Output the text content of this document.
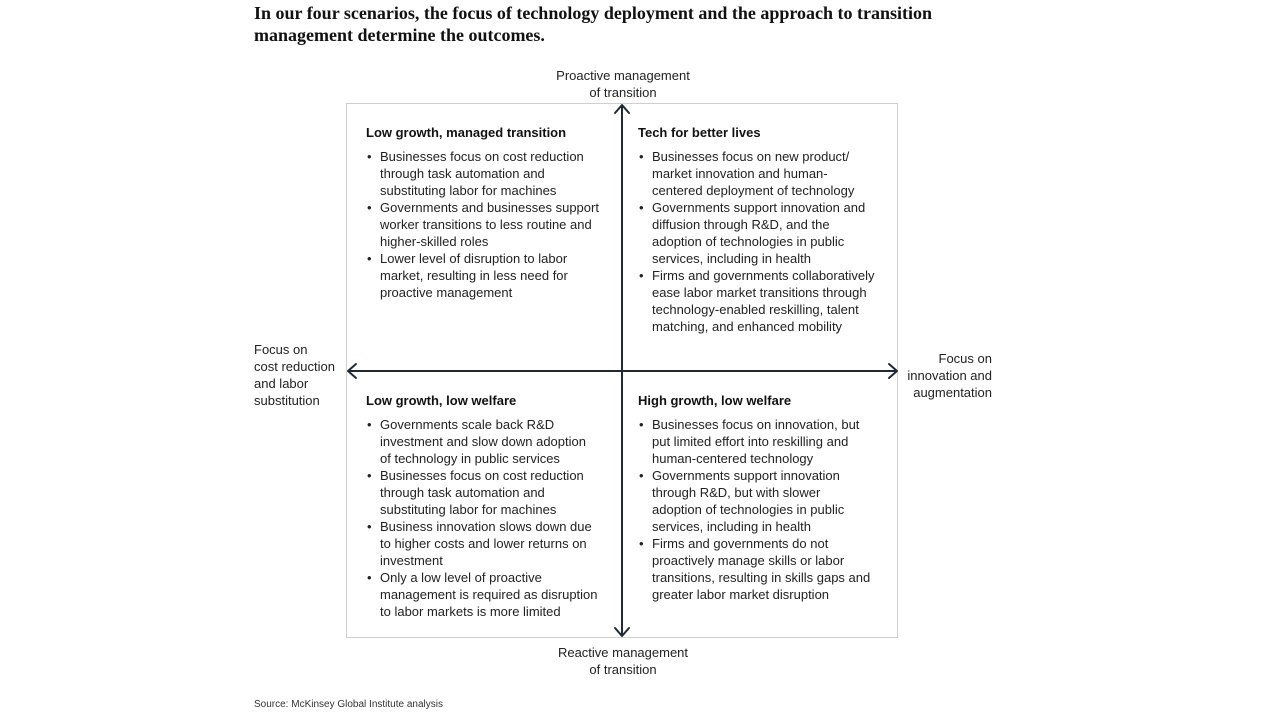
In our four scenarios, the focus of technology deployment and the approach to transition
management determine the outcomes.
Proactive management
of transition
Reactive management
of transition
Focus on
cost reduction
and labor
substitution
Focus on
innovation and
augmentation
Low growth, managed transition
• Businesses focus on cost reduction
through task automation and
substituting labor for machines
• Governments and businesses support
worker transitions to less routine and
higher-skilled roles
• Lower level of disruption to labor
market, resulting in less need for
proactive management
Tech for better lives
• Businesses focus on new product/
market innovation and human-
centered deployment of technology
• Governments support innovation and
diffusion through R&D, and the
adoption of technologies in public
services, including in health
• Firms and governments collaboratively
ease labor market transitions through
technology-enabled reskilling, talent
matching, and enhanced mobility
Low growth, low welfare
• Governments scale back R&D
investment and slow down adoption
of technology in public services
• Businesses focus on cost reduction
through task automation and
substituting labor for machines
• Business innovation slows down due
to higher costs and lower returns on
investment
• Only a low level of proactive
management is required as disruption
to labor markets is more limited
High growth, low welfare
• Businesses focus on innovation, but
put limited effort into reskilling and
human-centered technology
• Governments support innovation
through R&D, but with slower
adoption of technologies in public
services, including in health
• Firms and governments do not
proactively manage skills or labor
transitions, resulting in skills gaps and
greater labor market disruption
Source: McKinsey Global Institute analysis
